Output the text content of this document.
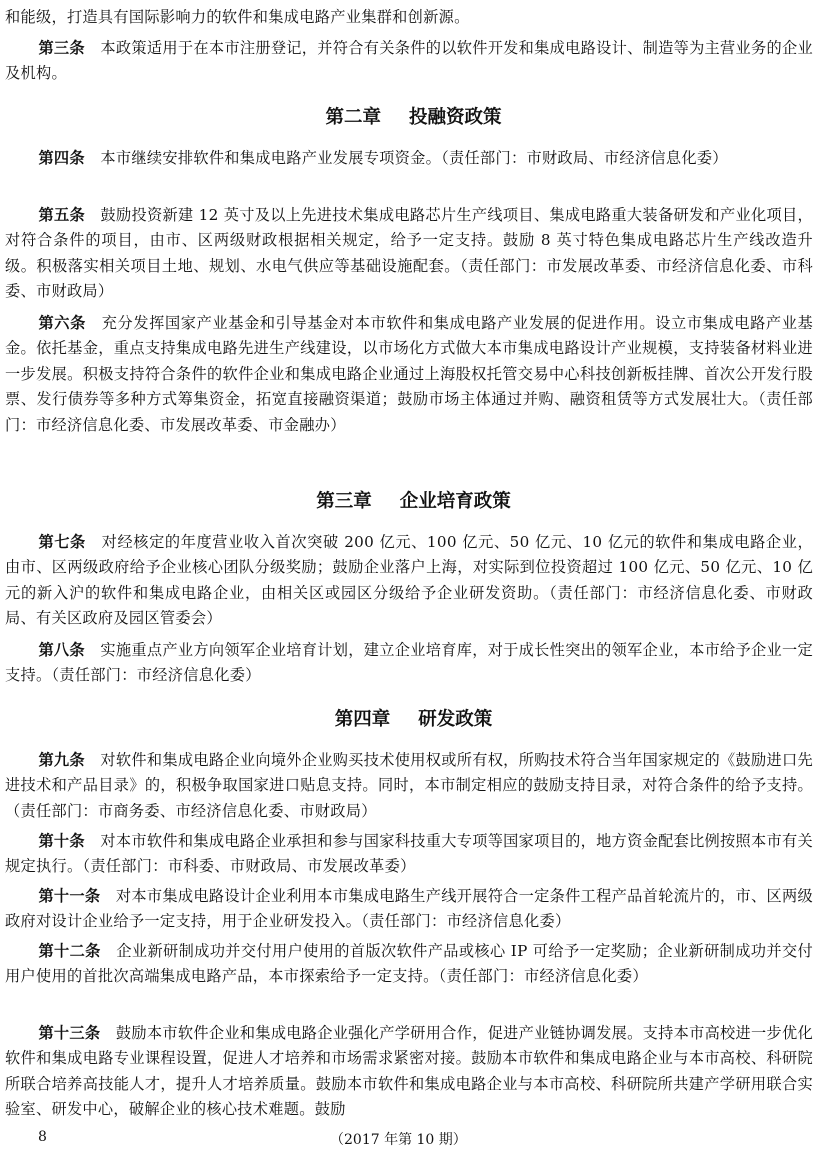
和能级，打造具有国际影响力的软件和集成电路产业集群和创新源。

第三条　 本政策适用于在本市注册登记，并符合有关条件的以软件开发和集成电路设计、制造等为主营业务的企业及机构。

第二章 投融资政策

第四条　 本市继续安排软件和集成电路产业发展专项资金。（责任部门：市财政局、市经济信息化委）

第五条　 鼓励投资新建 12 英寸及以上先进技术集成电路芯片生产线项目、集成电路重大装备研发和产业化项目，对符合条件的项目，由市、区两级财政根据相关规定，给予一定支持。鼓励 8 英寸特色集成电路芯片生产线改造升级。积极落实相关项目土地、规划、水电气供应等基础设施配套。（责任部门：市发展改革委、市经济信息化委、市科委、市财政局）

第六条　 充分发挥国家产业基金和引导基金对本市软件和集成电路产业发展的促进作用。设立市集成电路产业基金。依托基金，重点支持集成电路先进生产线建设，以市场化方式做大本市集成电路设计产业规模，支持装备材料业进一步发展。积极支持符合条件的软件企业和集成电路企业通过上海股权托管交易中心科技创新板挂牌、首次公开发行股票、发行债券等多种方式筹集资金，拓宽直接融资渠道；鼓励市场主体通过并购、融资租赁等方式发展壮大。（责任部门：市经济信息化委、市发展改革委、市金融办）

第三章 企业培育政策

第七条　 对经核定的年度营业收入首次突破 200 亿元、100 亿元、50 亿元、10 亿元的软件和集成电路企业，由市、区两级政府给予企业核心团队分级奖励；鼓励企业落户上海，对实际到位投资超过 100 亿元、50 亿元、10 亿元的新入沪的软件和集成电路企业，由相关区或园区分级给予企业研发资助。（责任部门：市经济信息化委、市财政局、有关区政府及园区管委会）

第八条　 实施重点产业方向领军企业培育计划，建立企业培育库，对于成长性突出的领军企业，本市给予企业一定支持。（责任部门：市经济信息化委）

第四章 研发政策

第九条　 对软件和集成电路企业向境外企业购买技术使用权或所有权，所购技术符合当年国家规定的《鼓励进口先进技术和产品目录》的，积极争取国家进口贴息支持。同时，本市制定相应的鼓励支持目录，对符合条件的给予支持。（责任部门：市商务委、市经济信息化委、市财政局）

第十条　 对本市软件和集成电路企业承担和参与国家科技重大专项等国家项目的，地方资金配套比例按照本市有关规定执行。（责任部门：市科委、市财政局、市发展改革委）

第十一条　 对本市集成电路设计企业利用本市集成电路生产线开展符合一定条件工程产品首轮流片的，市、区两级政府对设计企业给予一定支持，用于企业研发投入。（责任部门：市经济信息化委）

第十二条　 企业新研制成功并交付用户使用的首版次软件产品或核心 IP 可给予一定奖励；企业新研制成功并交付用户使用的首批次高端集成电路产品，本市探索给予一定支持。（责任部门：市经济信息化委）

第十三条　 鼓励本市软件企业和集成电路企业强化产学研用合作，促进产业链协调发展。支持本市高校进一步优化软件和集成电路专业课程设置，促进人才培养和市场需求紧密对接。鼓励本市软件和集成电路企业与本市高校、科研院所联合培养高技能人才，提升人才培养质量。鼓励本市软件和集成电路企业与本市高校、科研院所共建产学研用联合实验室、研发中心，破解企业的核心技术难题。鼓励

8	（2017 年第 10 期）
